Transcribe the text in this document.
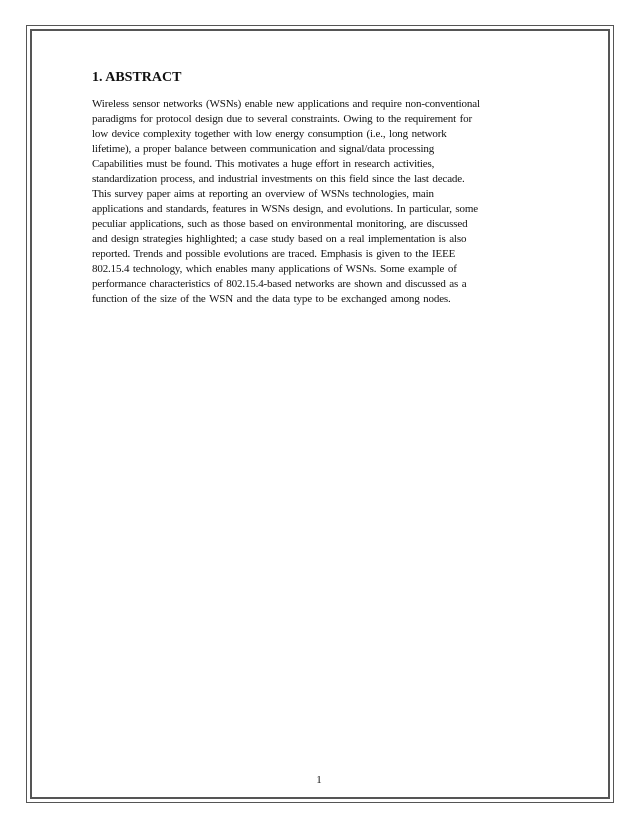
1. ABSTRACT
Wireless sensor networks (WSNs) enable new applications and require non-conventional
paradigms for protocol design due to several constraints. Owing to the requirement for
low device complexity together with low energy consumption (i.e., long network
lifetime), a proper balance between communication and signal/data processing
Capabilities must be found. This motivates a huge effort in research activities,
standardization process, and industrial investments on this field since the last decade.
This survey paper aims at reporting an overview of WSNs technologies, main
applications and standards, features in WSNs design, and evolutions. In particular, some
peculiar applications, such as those based on environmental monitoring, are discussed
and design strategies highlighted; a case study based on a real implementation is also
reported. Trends and possible evolutions are traced. Emphasis is given to the IEEE
802.15.4 technology, which enables many applications of WSNs. Some example of
performance characteristics of 802.15.4-based networks are shown and discussed as a
function of the size of the WSN and the data type to be exchanged among nodes.
1
